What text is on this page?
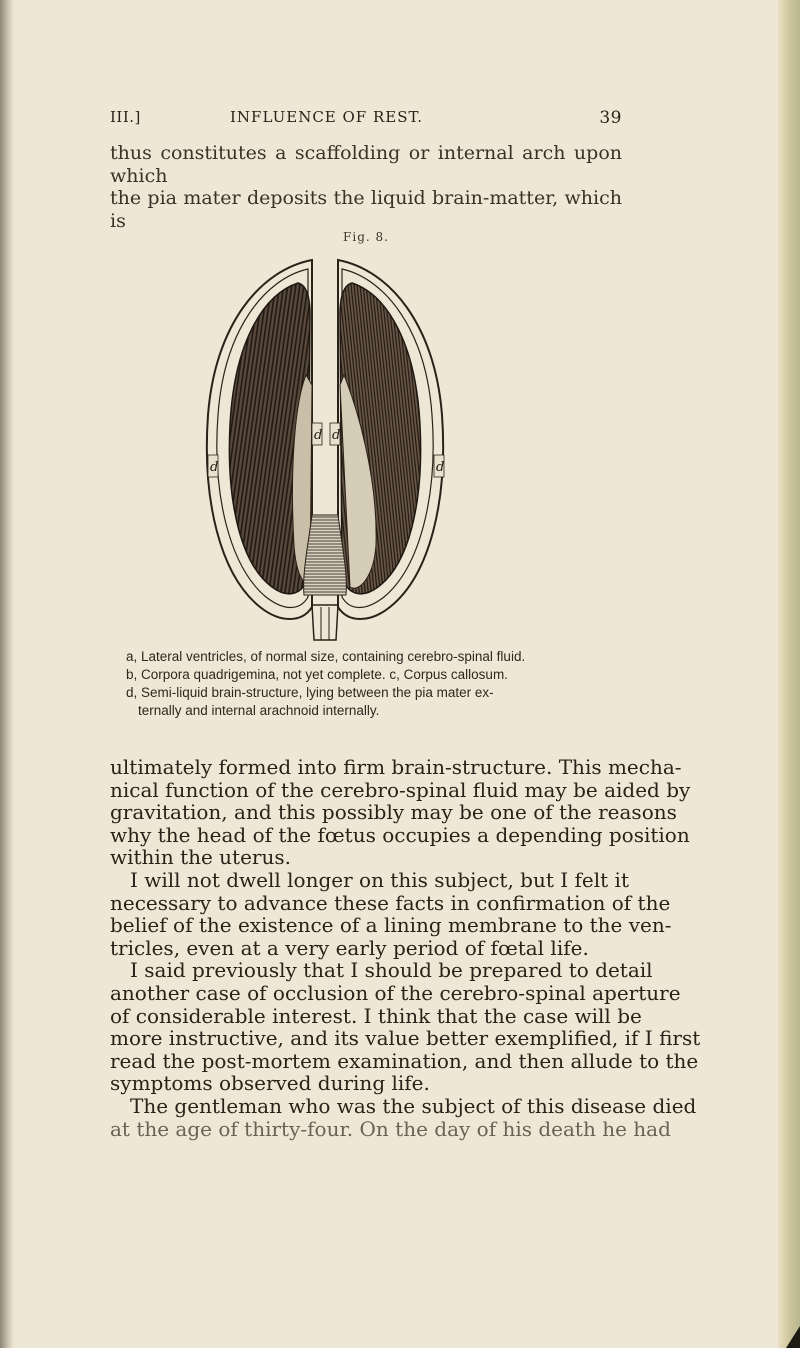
III.]	INFLUENCE OF REST.	39
thus constitutes a scaffolding or internal arch upon which
the pia mater deposits the liquid brain-matter, which is
Fig. 8.
d
d d
d
a, Lateral ventricles, of normal size, containing cerebro-spinal fluid.
b, Corpora quadrigemina, not yet complete. c, Corpus callosum.
d, Semi-liquid brain-structure, lying between the pia mater ex-
ternally and internal arachnoid internally.
ultimately formed into firm brain-structure. This mecha-
nical function of the cerebro-spinal fluid may be aided by
gravitation, and this possibly may be one of the reasons
why the head of the fœtus occupies a depending position
within the uterus.
I will not dwell longer on this subject, but I felt it
necessary to advance these facts in confirmation of the
belief of the existence of a lining membrane to the ven-
tricles, even at a very early period of fœtal life.
I said previously that I should be prepared to detail
another case of occlusion of the cerebro-spinal aperture
of considerable interest. I think that the case will be
more instructive, and its value better exemplified, if I first
read the post-mortem examination, and then allude to the
symptoms observed during life.
The gentleman who was the subject of this disease died
at the age of thirty-four. On the day of his death he had
